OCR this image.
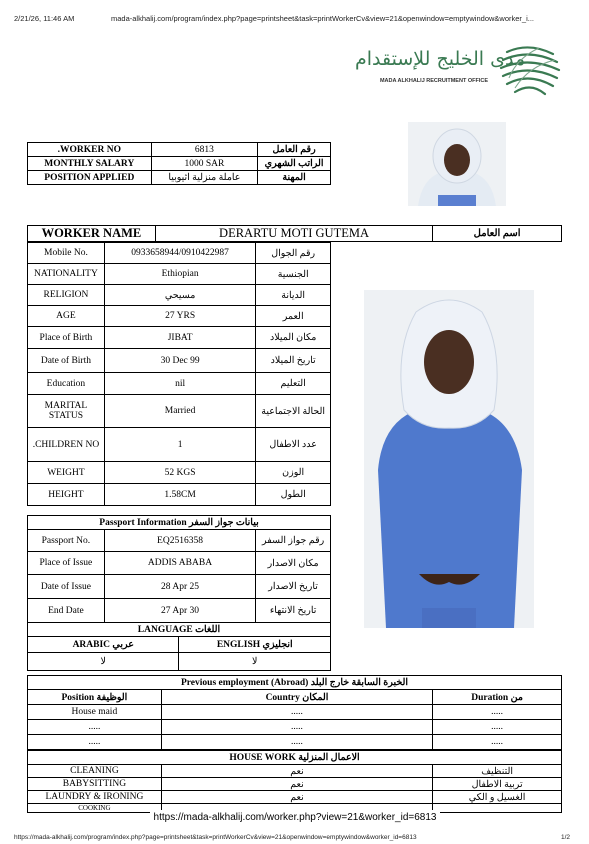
2/21/26, 11:46 AM	mada-alkhalij.com/program/index.php?page=printsheet&task=printWorkerCv&view=21&openwindow=emptywindow&worker_i...
مدى الخليج للإستقدام
MADA ALKHALIJ RECRUITMENT OFFICE
.WORKER NO	6813	رقم العامل
MONTHLY SALARY	1000 SAR	الراتب الشهري
POSITION APPLIED	عاملة منزلية اثيوبيا	المهنة
WORKER NAME	DERARTU MOTI GUTEMA	اسم العامل
Mobile No.	0933658944/0910422987	رقم الجوال
NATIONALITY	Ethiopian	الجنسية
RELIGION	مسيحي	الديانة
AGE	27 YRS	العمر
Place of Birth	JIBAT	مكان الميلاد
Date of Birth	30 Dec 99	تاريخ الميلاد
Education	nil	التعليم
MARITAL STATUS	Married	الحالة الاجتماعية
.CHILDREN NO	1	عدد الاطفال
WEIGHT	52 KGS	الوزن
HEIGHT	1.58CM	الطول
Passport Information بيانات جواز السفر		
Passport No.	EQ2516358	رقم جواز السفر
Place of Issue	ADDIS ABABA	مكان الاصدار
Date of Issue	28 Apr 25	تاريخ الاصدار
End Date	27 Apr 30	تاريخ الانتهاء
LANGUAGE اللغات	
ARABIC عربي	ENGLISH انجليزي
لا	لا
Previous employment (Abroad) الخبرة السابقة خارج البلد		
Position الوظيفة	Country المكان	Duration من
House maid	.....	.....
.....	.....	.....
.....	.....	.....
HOUSE WORK الاعمال المنزلية		
CLEANING	نعم	التنظيف
BABYSITTING	نعم	تربية الاطفال
LAUNDRY & IRONING	نعم	الغسيل و الكي
COOKING		
https://mada-alkhalij.com/worker.php?view=21&worker_id=6813
https://mada-alkhalij.com/program/index.php?page=printsheet&task=printWorkerCv&view=21&openwindow=emptywindow&worker_id=6813	1/2
